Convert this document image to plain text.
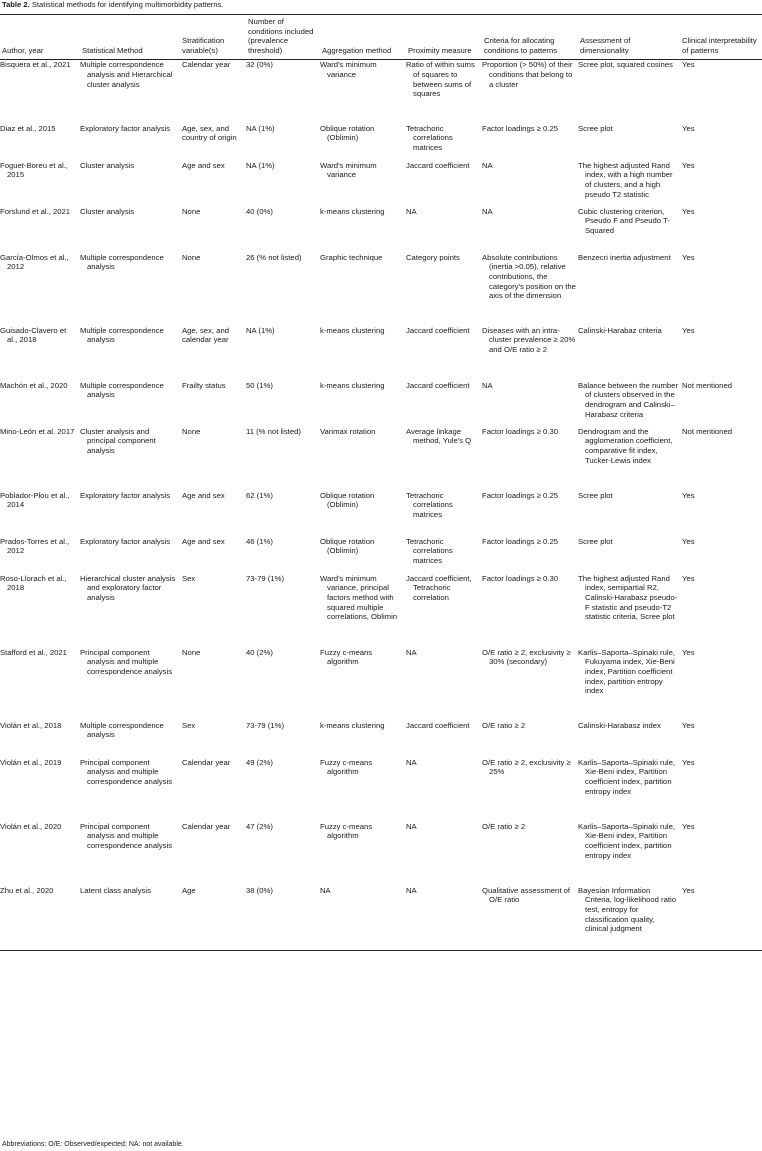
Table 2. Statistical methods for identifying multimorbidity patterns.
Author, year	Statistical Method	Stratification variable(s)	Number of conditions included (prevalence threshold)	Aggregation method	Proximity measure	Criteria for allocating conditions to patterns	Assessment of dimensionality	Clinical interpretability of patterns
Bisquera et al., 2021	Multiple correspondence analysis and Hierarchical cluster analysis	Calendar year	32 (0%)	Ward's minimum variance	Ratio of within sums of squares to between sums of squares	Proportion (> 50%) of their conditions that belong to a cluster	Scree plot, squared cosines	Yes
Diaz et al., 2015	Exploratory factor analysis	Age, sex, and country of origin	NA (1%)	Oblique rotation (Oblimin)	Tetrachoric correlations matrices	Factor loadings ≥ 0.25	Scree plot	Yes
Foguet-Boreu et al., 2015	Cluster analysis	Age and sex	NA (1%)	Ward's minimum variance	Jaccard coefficient	NA	The highest adjusted Rand index, with a high number of clusters, and a high pseudo T2 statistic	Yes
Forslund et al., 2021	Cluster analysis	None	40 (0%)	k-means clustering	NA	NA	Cubic clustering criterion, Pseudo F and Pseudo T-Squared	Yes
García-Olmos et al., 2012	Multiple correspondence analysis	None	26 (% not listed)	Graphic technique	Category points	Absolute contributions (inertia >0.05), relative contributions, the category's position on the axis of the dimension	Benzecri inertia adjustment	Yes
Guisado-Clavero et al., 2018	Multiple correspondence analysis	Age, sex, and calendar year	NA (1%)	k-means clustering	Jaccard coefficient	Diseases with an intra-cluster prevalence ≥ 20% and O/E ratio ≥ 2	Calinski-Harabaz criteria	Yes
Machón et al., 2020	Multiple correspondence analysis	Frailty status	50 (1%)	k-means clustering	Jaccard coefficient	NA	Balance between the number of clusters observed in the dendrogram and Calinski–Harabasz criteria	Not mentioned
Mino-León et al. 2017	Cluster analysis and principal component analysis	None	11 (% not listed)	Varimax rotation	Average linkage method, Yule's Q	Factor loadings ≥ 0.30	Dendrogram and the agglomeration coefficient, comparative fit index, Tucker-Lewis index	Not mentioned
Poblador-Plou et al., 2014	Exploratory factor analysis	Age and sex	62 (1%)	Oblique rotation (Oblimin)	Tetrachoric correlations matrices	Factor loadings ≥ 0.25	Scree plot	Yes
Prados-Torres et al., 2012	Exploratory factor analysis	Age and sex	46 (1%)	Oblique rotation (Oblimin)	Tetrachoric correlations matrices	Factor loadings ≥ 0.25	Scree plot	Yes
Roso-Llorach et al., 2018	Hierarchical cluster analysis and exploratory factor analysis	Sex	73-79 (1%)	Ward's minimum variance, principal factors method with squared multiple correlations, Oblimin	Jaccard coefficient, Tetrachoric correlation	Factor loadings ≥ 0.30	The highest adjusted Rand index, semipartial R2, Calinski-Harabasz pseudo-F statistic and pseudo-T2 statistic criteria, Scree plot	Yes
Stafford et al., 2021	Principal component analysis and multiple correspondence analysis	None	40 (2%)	Fuzzy c-means algorithm	NA	O/E ratio ≥ 2, exclusivity ≥ 30% (secondary)	Karlis–Saporta–Spinaki rule, Fukuyama index, Xie-Beni index, Partition coefficient index, partition entropy index	Yes
Violán et al., 2018	Multiple correspondence analysis	Sex	73-79 (1%)	k-means clustering	Jaccard coefficient	O/E ratio ≥ 2	Calinski-Harabasz index	Yes
Violán et al., 2019	Principal component analysis and multiple correspondence analysis	Calendar year	49 (2%)	Fuzzy c-means algorithm	NA	O/E ratio ≥ 2, exclusivity ≥ 25%	Karlis–Saporta–Spinaki rule, Xie-Beni index, Partition coefficient index, partition entropy index	Yes
Violán et al., 2020	Principal component analysis and multiple correspondence analysis	Calendar year	47 (2%)	Fuzzy c-means algorithm	NA	O/E ratio ≥ 2	Karlis–Saporta–Spinaki rule, Xie-Beni index, Partition coefficient index, partition entropy index	Yes
Zhu et al., 2020	Latent class analysis	Age	38 (0%)	NA	NA	Qualitative assessment of O/E ratio	Bayesian Information Criteria, log-likelihood ratio test, entropy for classification quality, clinical judgment	Yes
Abbreviations: O/E: Observed/expected; NA: not available.
